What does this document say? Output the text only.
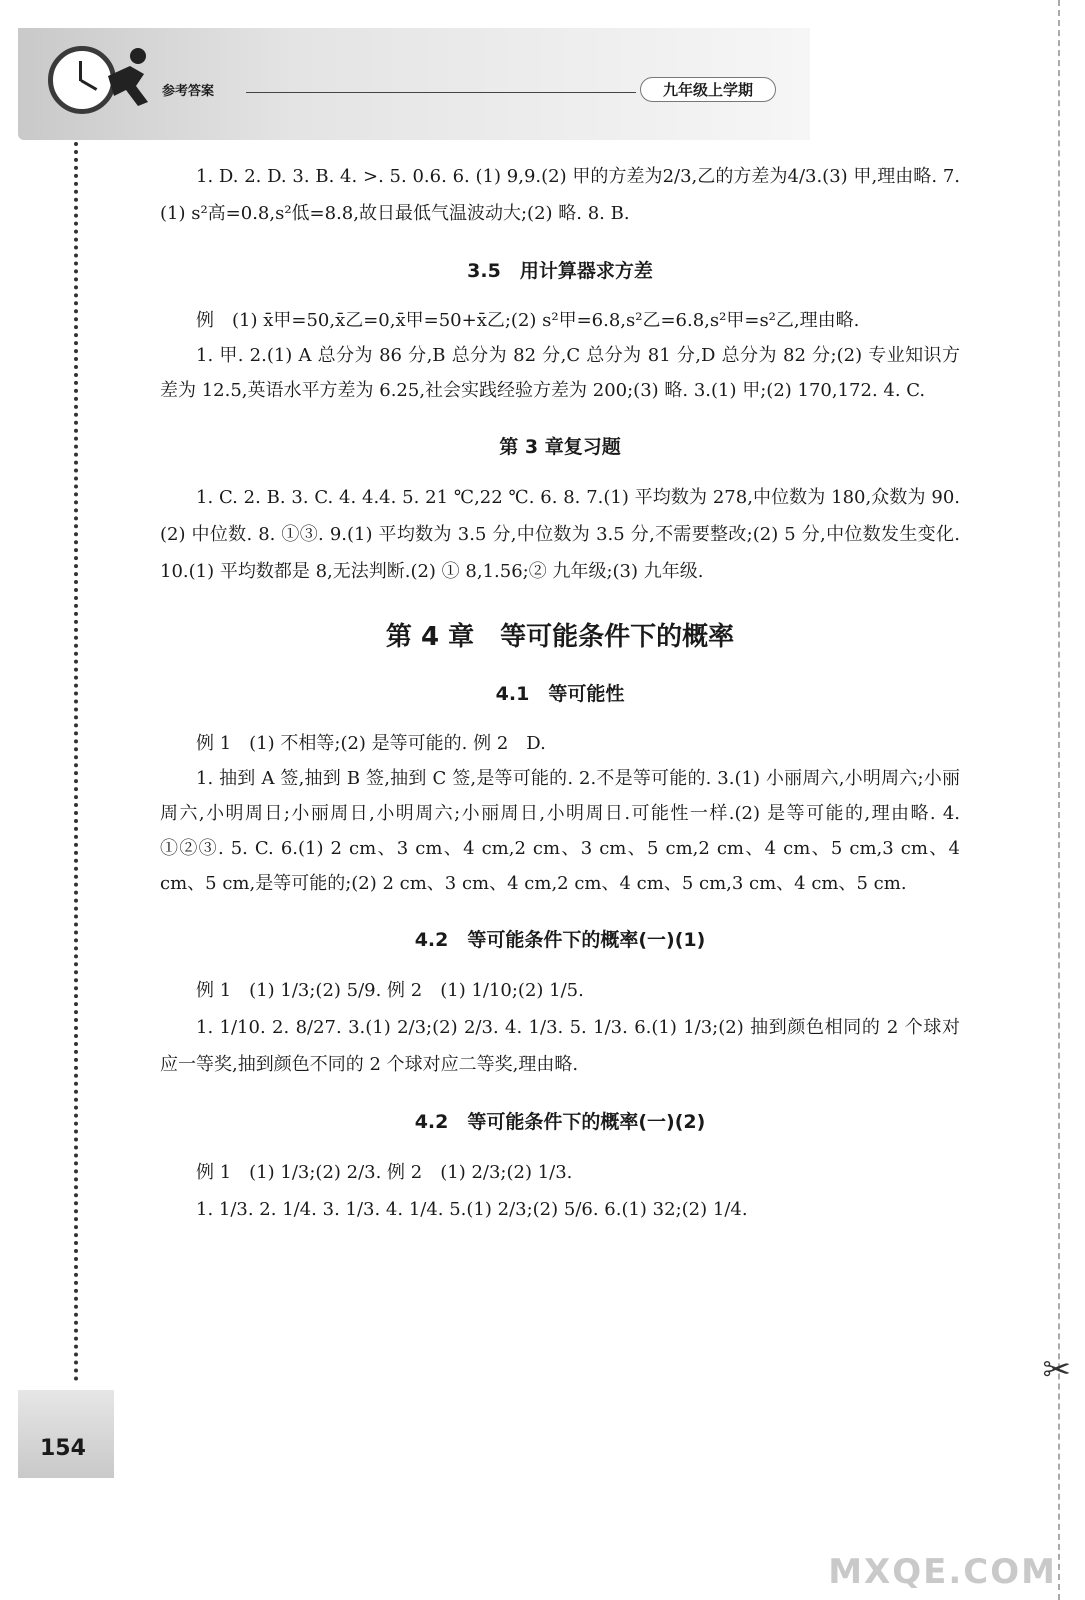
参考答案	九年级上学期
154

1. D. 2. D. 3. B. 4. >. 5. 0.6. 6. (1) 9,9.(2) 甲的方差为2/3,乙的方差为4/3.(3) 甲,理由略. 7.(1) s²高=0.8,s²低=8.8,故日最低气温波动大;(2) 略. 8. B.

3.5　用计算器求方差

例　(1) x̄甲=50,x̄乙=0,x̄甲=50+x̄乙;(2) s²甲=6.8,s²乙=6.8,s²甲=s²乙,理由略.

1. 甲. 2.(1) A 总分为 86 分,B 总分为 82 分,C 总分为 81 分,D 总分为 82 分;(2) 专业知识方差为 12.5,英语水平方差为 6.25,社会实践经验方差为 200;(3) 略. 3.(1) 甲;(2) 170,172. 4. C.

第 3 章复习题

1. C. 2. B. 3. C. 4. 4.4. 5. 21 ℃,22 ℃. 6. 8. 7.(1) 平均数为 278,中位数为 180,众数为 90.(2) 中位数. 8. ①③. 9.(1) 平均数为 3.5 分,中位数为 3.5 分,不需要整改;(2) 5 分,中位数发生变化. 10.(1) 平均数都是 8,无法判断.(2) ① 8,1.56;② 九年级;(3) 九年级.

第 4 章　等可能条件下的概率
4.1　等可能性

例 1　(1) 不相等;(2) 是等可能的. 例 2　D.

1. 抽到 A 签,抽到 B 签,抽到 C 签,是等可能的. 2.不是等可能的. 3.(1) 小丽周六,小明周六;小丽周六,小明周日;小丽周日,小明周六;小丽周日,小明周日.可能性一样.(2) 是等可能的,理由略. 4. ①②③. 5. C. 6.(1) 2 cm、3 cm、4 cm,2 cm、3 cm、5 cm,2 cm、4 cm、5 cm,3 cm、4 cm、5 cm,是等可能的;(2) 2 cm、3 cm、4 cm,2 cm、4 cm、5 cm,3 cm、4 cm、5 cm.

4.2　等可能条件下的概率(一)(1)

例 1　(1) 1/3;(2) 5/9. 例 2　(1) 1/10;(2) 1/5.

1. 1/10. 2. 8/27. 3.(1) 2/3;(2) 2/3. 4. 1/3. 5. 1/3. 6.(1) 1/3;(2) 抽到颜色相同的 2 个球对应一等奖,抽到颜色不同的 2 个球对应二等奖,理由略.

4.2　等可能条件下的概率(一)(2)

例 1　(1) 1/3;(2) 2/3. 例 2　(1) 2/3;(2) 1/3.

1. 1/3. 2. 1/4. 3. 1/3. 4. 1/4. 5.(1) 2/3;(2) 5/6. 6.(1) 32;(2) 1/4.

✂
MXQE.COM
